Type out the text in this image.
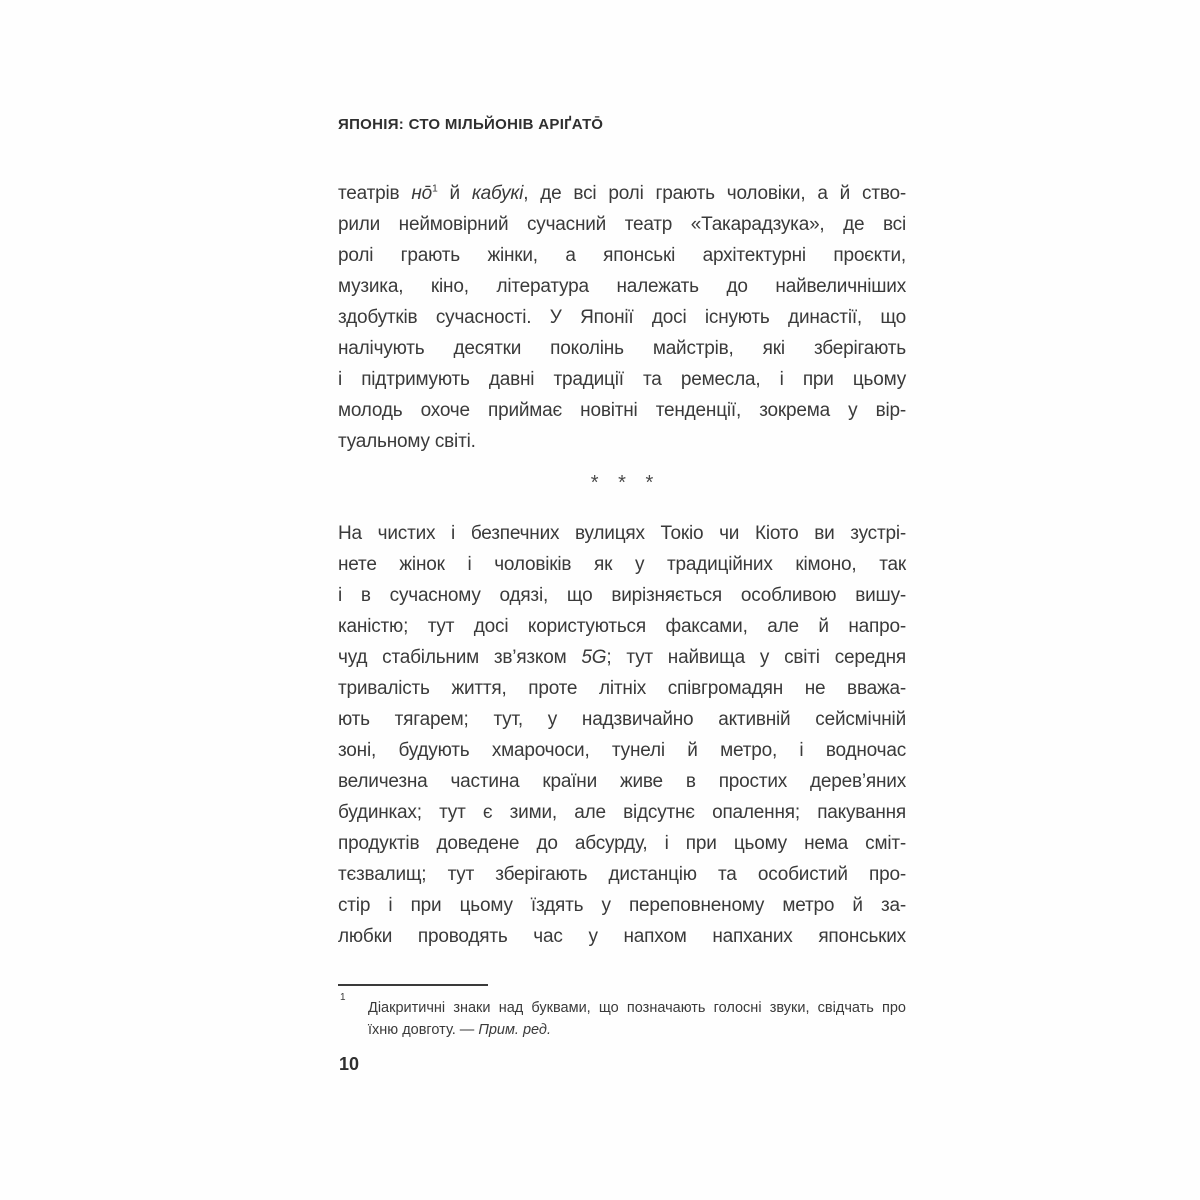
ЯПОНІЯ: СТО МІЛЬЙОНІВ АРІҐАТО̄
театрів но̄$^1$ й кабукі, де всі ролі грають чоловіки, а й ство-
рили неймовірний сучасний театр «Такарадзука», де всі
ролі грають жінки, а японські архітектурні проєкти,
музика, кіно, література належать до найвеличніших
здобутків сучасності. У Японії досі існують династії, що
налічують десятки поколінь майстрів, які зберігають
і підтримують давні традиції та ремесла, і при цьому
молодь охоче приймає новітні тенденції, зокрема у вір-
туальному світі.
* * *
На чистих і безпечних вулицях Токіо чи Кіото ви зустрі-
нете жінок і чоловіків як у традиційних кімоно, так
і в сучасному одязі, що вирізняється особливою вишу-
каністю; тут досі користуються факсами, але й напро-
чуд стабільним зв’язком 5G; тут найвища у світі середня
тривалість життя, проте літніх співгромадян не вважа-
ють тягарем; тут, у надзвичайно активній сейсмічній
зоні, будують хмарочоси, тунелі й метро, і водночас
величезна частина країни живе в простих дерев’яних
будинках; тут є зими, але відсутнє опалення; пакування
продуктів доведене до абсурду, і при цьому нема сміт-
тєзвалищ; тут зберігають дистанцію та особистий про-
стір і при цьому їздять у переповненому метро й за-
любки проводять час у напхом напханих японських
1
Діакритичні знаки над буквами, що позначають голосні звуки, свідчать про
їхню довготу. — Прим. ред.
10
